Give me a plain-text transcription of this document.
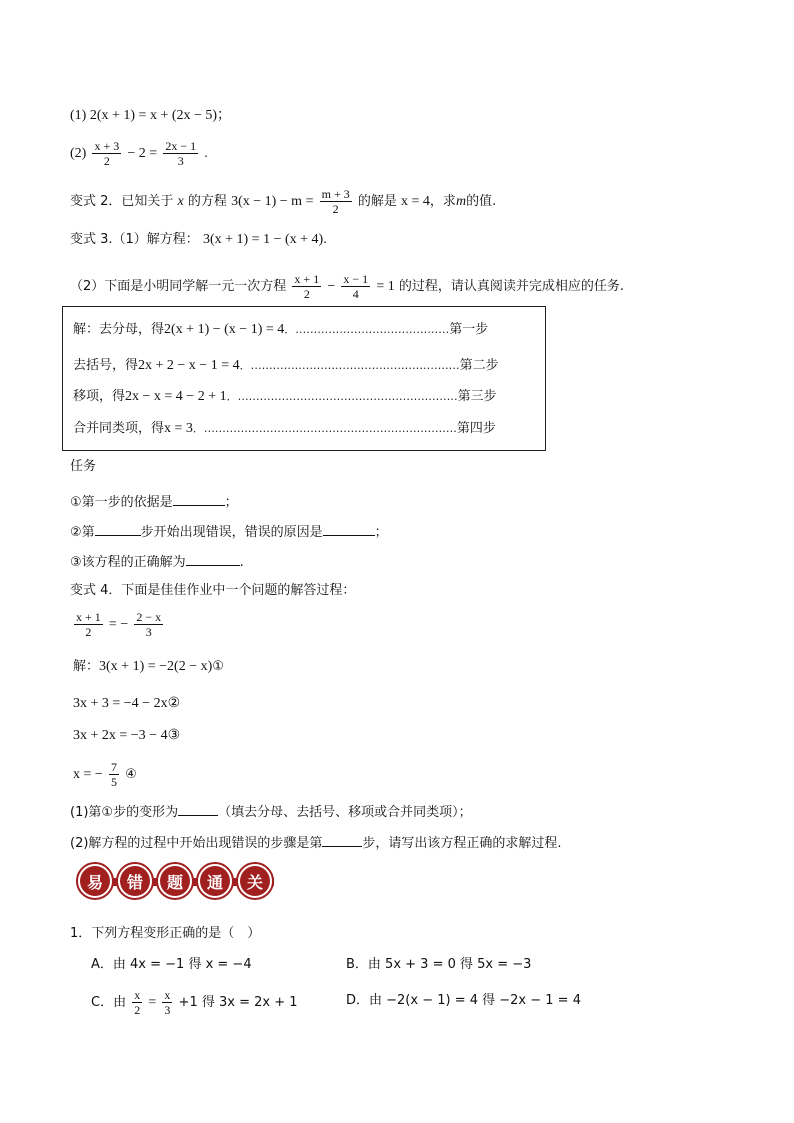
(1) 2(x + 1) = x + (2x − 5)；
$(2) \frac{x + 3}{2} - 2 = \frac{2x - 1}{3}$ .
变式 2．已知关于 x 的方程 $3(x - 1) - m = \frac{m + 3}{2}$ 的解是 x = 4，求m的值.
变式 3.（1）解方程： 3(x + 1) = 1 − (x + 4).
（2）下面是小明同学解一元一次方程 $\frac{x + 1}{2} - \frac{x - 1}{4} = 1$ 的过程，请认真阅读并完成相应的任务.
解：去分母，得2(x + 1) − (x − 1) = 4．……………………………………第一步
去括号，得2x + 2 − x − 1 = 4．…………………………………………………第二步
移项，得2x − x = 4 − 2 + 1．……………………………………………………第三步
合并同类项，得x = 3．……………………………………………………………第四步
任务
①第一步的依据是	；
②第	步开始出现错误，错误的原因是	；
③该方程的正确解为	.
变式 4．下面是佳佳作业中一个问题的解答过程：
$\frac{x + 1}{2}$ = − $\frac{2 - x}{3}$
解：3(x + 1) = −2(2 − x)①
3x + 3 = −4 − 2x②
3x + 2x = −3 − 4③
x = − $\frac{7}{5}$ ④
(1)第①步的变形为	（填去分母、去括号、移项或合并同类项）；
(2)解方程的过程中开始出现错误的步骤是第	步，请写出该方程正确的求解过程.
易	错	题	通	关
1．下列方程变形正确的是（　）
A．由 4x = −1 得 x = −4	B．由 5x + 3 = 0 得 5x = −3
C．由 $\frac{x}{2} = \frac{x}{3} +1$ 得 3x = 2x + 1	D．由 −2(x − 1) = 4 得 −2x − 1 = 4
